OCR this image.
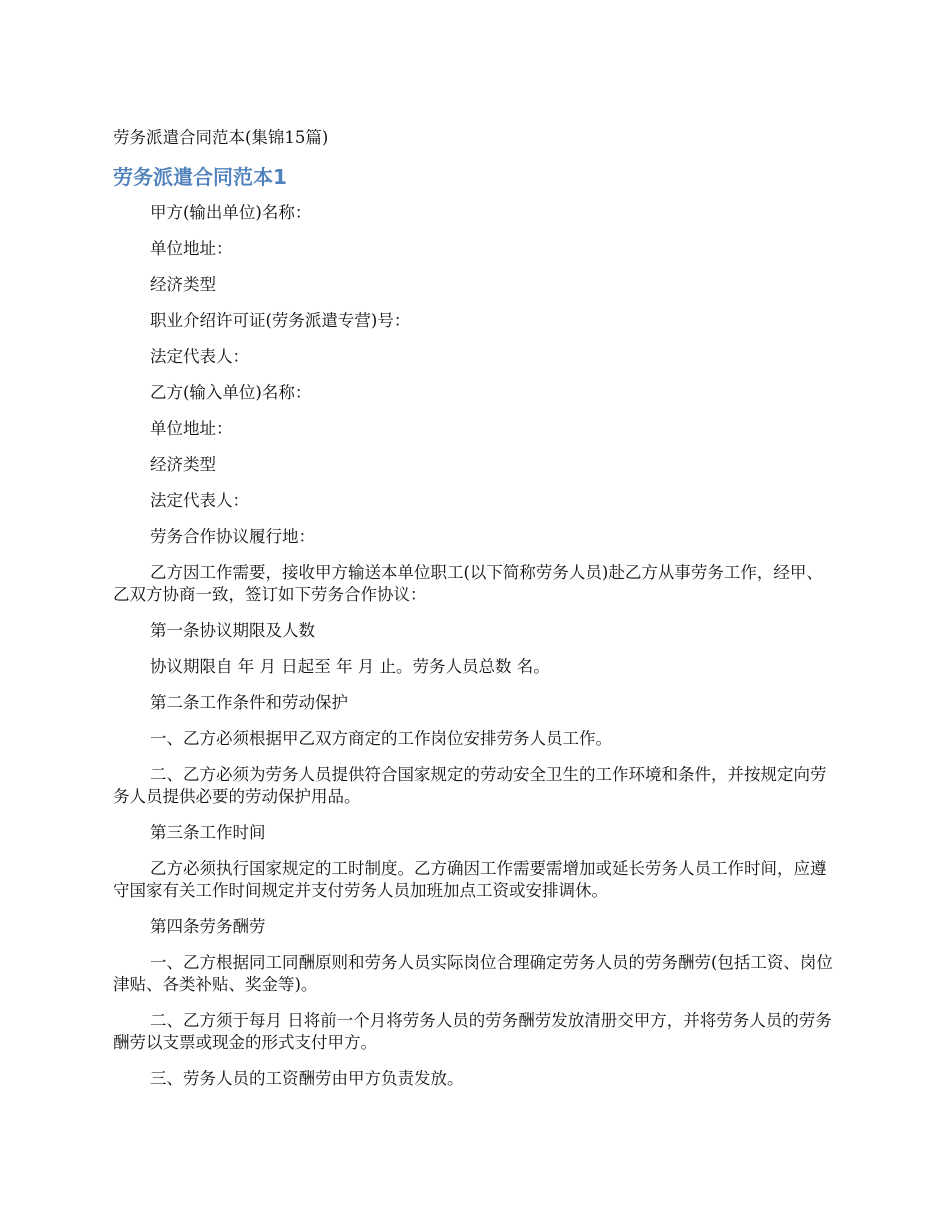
劳务派遣合同范本(集锦15篇)
劳务派遣合同范本1

甲方(输出单位)名称：

单位地址：

经济类型

职业介绍许可证(劳务派遣专营)号：

法定代表人：

乙方(输入单位)名称：

单位地址：

经济类型

法定代表人：

劳务合作协议履行地：

乙方因工作需要，接收甲方输送本单位职工(以下简称劳务人员)赴乙方从事劳务工作，经甲、乙双方协商一致，签订如下劳务合作协议：

第一条协议期限及人数

协议期限自 年 月 日起至 年 月 止。劳务人员总数 名。

第二条工作条件和劳动保护

一、乙方必须根据甲乙双方商定的工作岗位安排劳务人员工作。

二、乙方必须为劳务人员提供符合国家规定的劳动安全卫生的工作环境和条件，并按规定向劳务人员提供必要的劳动保护用品。

第三条工作时间

乙方必须执行国家规定的工时制度。乙方确因工作需要需增加或延长劳务人员工作时间，应遵守国家有关工作时间规定并支付劳务人员加班加点工资或安排调休。

第四条劳务酬劳

一、乙方根据同工同酬原则和劳务人员实际岗位合理确定劳务人员的劳务酬劳(包括工资、岗位津贴、各类补贴、奖金等)。

二、乙方须于每月 日将前一个月将劳务人员的劳务酬劳发放清册交甲方，并将劳务人员的劳务酬劳以支票或现金的形式支付甲方。

三、劳务人员的工资酬劳由甲方负责发放。
